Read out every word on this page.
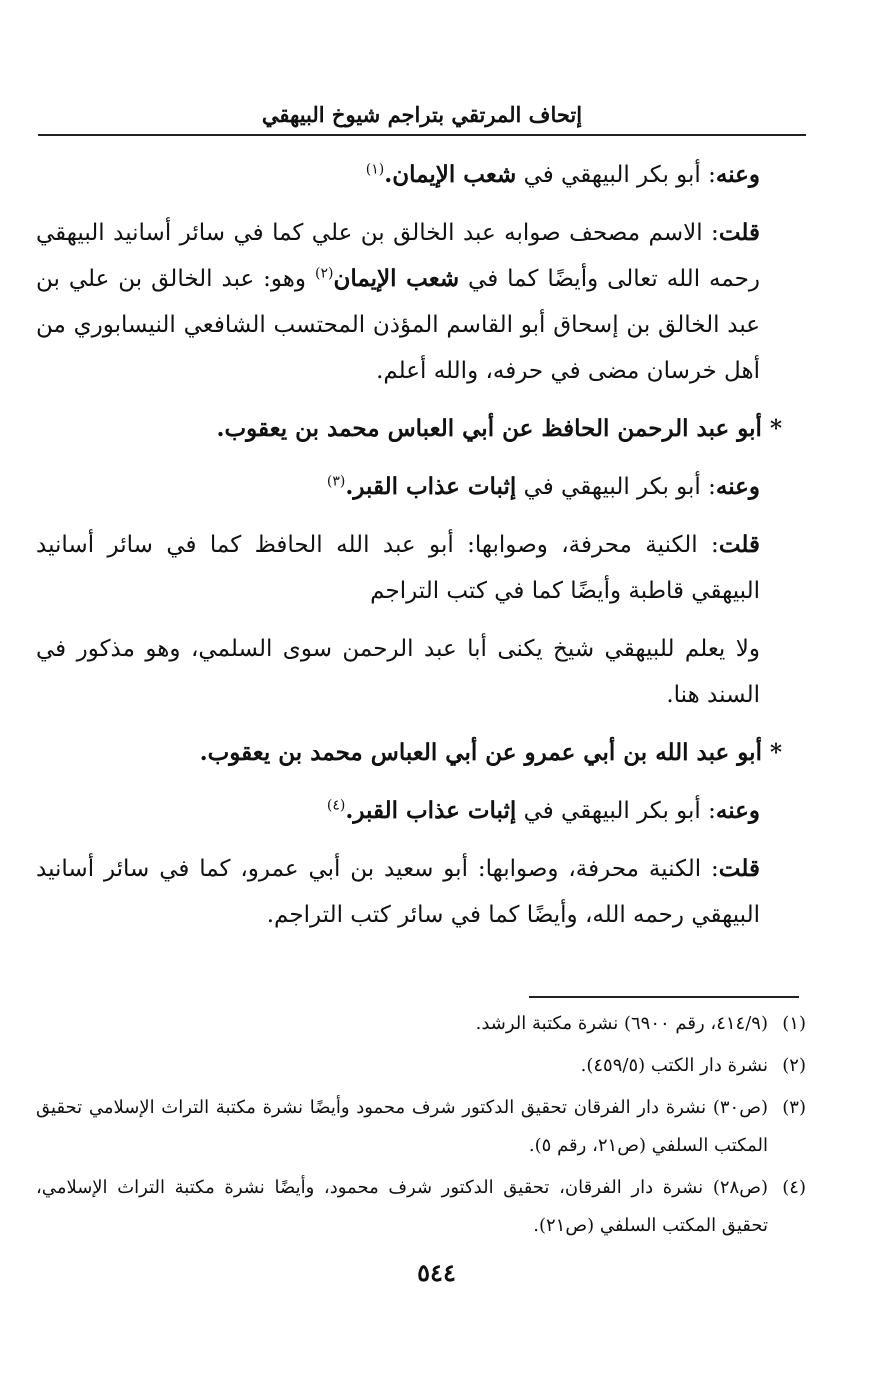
إتحاف المرتقي بتراجم شيوخ البيهقي

وعنه: أبو بكر البيهقي في شعب الإيمان.$^{(١)}$

قلت: الاسم مصحف صوابه عبد الخالق بن علي كما في سائر أسانيد البيهقي رحمه الله تعالى وأيضًا كما في شعب الإيمان$^{(٢)}$ وهو: عبد الخالق بن علي بن عبد الخالق بن إسحاق أبو القاسم المؤذن المحتسب الشافعي النيسابوري من أهل خرسان مضى في حرفه، والله أعلم.

* أبو عبد الرحمن الحافظ عن أبي العباس محمد بن يعقوب.

وعنه: أبو بكر البيهقي في إثبات عذاب القبر.$^{(٣)}$

قلت: الكنية محرفة، وصوابها: أبو عبد الله الحافظ كما في سائر أسانيد البيهقي قاطبة وأيضًا كما في كتب التراجم

ولا يعلم للبيهقي شيخ يكنى أبا عبد الرحمن سوى السلمي، وهو مذكور في السند هنا.

* أبو عبد الله بن أبي عمرو عن أبي العباس محمد بن يعقوب.

وعنه: أبو بكر البيهقي في إثبات عذاب القبر.$^{(٤)}$

قلت: الكنية محرفة، وصوابها: أبو سعيد بن أبي عمرو، كما في سائر أسانيد البيهقي رحمه الله، وأيضًا كما في سائر كتب التراجم.

(١)
(٤١٤/٩، رقم ٦٩٠٠) نشرة مكتبة الرشد.
(٢)
نشرة دار الكتب (٤٥٩/٥).
(٣)
(ص٣٠) نشرة دار الفرقان تحقيق الدكتور شرف محمود وأيضًا نشرة مكتبة التراث الإسلامي تحقيق المكتب السلفي (ص٢١، رقم ٥).
(٤)
(ص٢٨) نشرة دار الفرقان، تحقيق الدكتور شرف محمود، وأيضًا نشرة مكتبة التراث الإسلامي، تحقيق المكتب السلفي (ص٢١).
٥٤٤
